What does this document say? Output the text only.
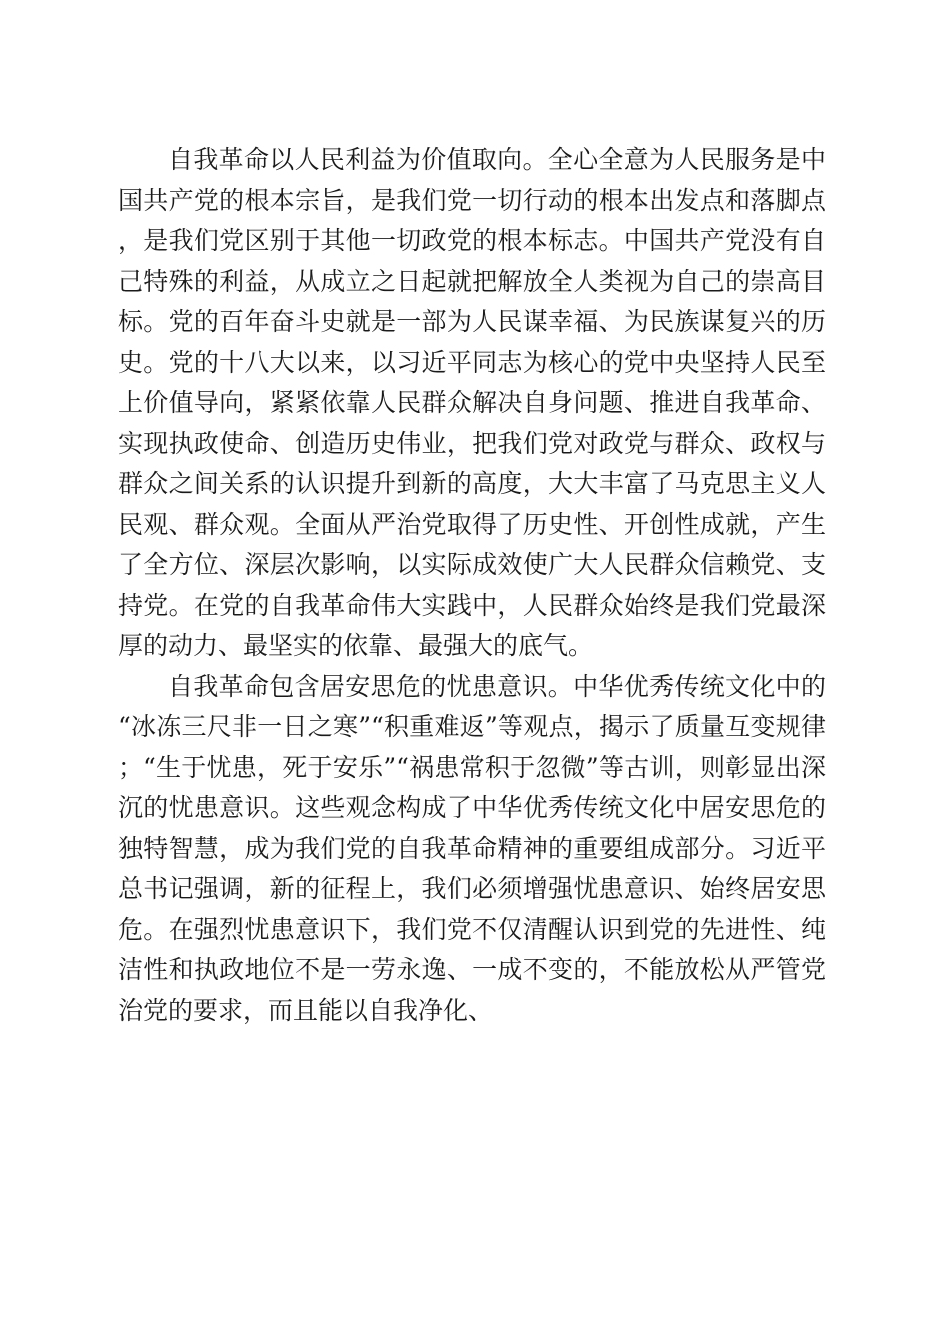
自我革命以人民利益为价值取向。全心全意为人民服务是中国共产党的根本宗旨，是我们党一切行动的根本出发点和落脚点，是我们党区别于其他一切政党的根本标志。中国共产党没有自己特殊的利益，从成立之日起就把解放全人类视为自己的崇高目标。党的百年奋斗史就是一部为人民谋幸福、为民族谋复兴的历史。党的十八大以来，以习近平同志为核心的党中央坚持人民至上价值导向，紧紧依靠人民群众解决自身问题、推进自我革命、实现执政使命、创造历史伟业，把我们党对政党与群众、政权与群众之间关系的认识提升到新的高度，大大丰富了马克思主义人民观、群众观。全面从严治党取得了历史性、开创性成就，产生了全方位、深层次影响，以实际成效使广大人民群众信赖党、支持党。在党的自我革命伟大实践中，人民群众始终是我们党最深厚的动力、最坚实的依靠、最强大的底气。

自我革命包含居安思危的忧患意识。中华优秀传统文化中的“冰冻三尺非一日之寒”“积重难返”等观点，揭示了质量互变规律；“生于忧患，死于安乐”“祸患常积于忽微”等古训，则彰显出深沉的忧患意识。这些观念构成了中华优秀传统文化中居安思危的独特智慧，成为我们党的自我革命精神的重要组成部分。习近平总书记强调，新的征程上，我们必须增强忧患意识、始终居安思危。在强烈忧患意识下，我们党不仅清醒认识到党的先进性、纯洁性和执政地位不是一劳永逸、一成不变的，不能放松从严管党治党的要求，而且能以自我净化、
